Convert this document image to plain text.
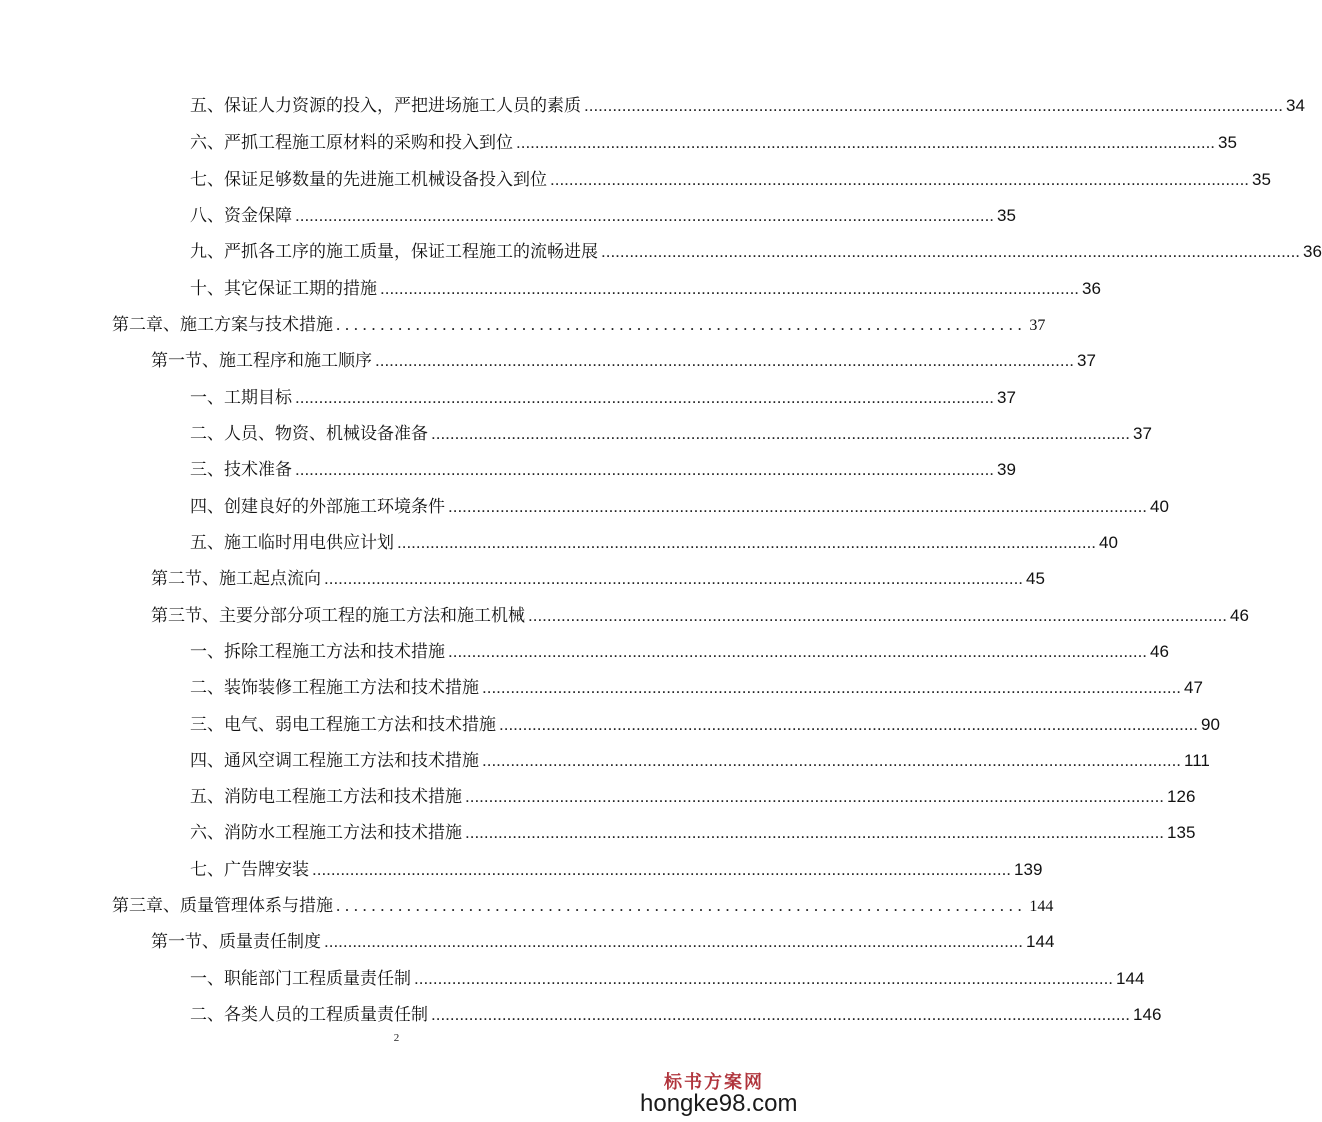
五、保证人力资源的投入，严把进场施工人员的素质 .................................................................................................................................................... 34
六、严抓工程施工原材料的采购和投入到位 .................................................................................................................................................... 35
七、保证足够数量的先进施工机械设备投入到位 .................................................................................................................................................... 35
八、资金保障 .................................................................................................................................................... 35
九、严抓各工序的施工质量，保证工程施工的流畅进展 .................................................................................................................................................... 36
十、其它保证工期的措施 .................................................................................................................................................... 36
第二章、施工方案与技术措施 .............................................................................. 37
第一节、施工程序和施工顺序 .................................................................................................................................................... 37
一、工期目标 .................................................................................................................................................... 37
二、人员、物资、机械设备准备 .................................................................................................................................................... 37
三、技术准备 .................................................................................................................................................... 39
四、创建良好的外部施工环境条件 .................................................................................................................................................... 40
五、施工临时用电供应计划 .................................................................................................................................................... 40
第二节、施工起点流向 .................................................................................................................................................... 45
第三节、主要分部分项工程的施工方法和施工机械 .................................................................................................................................................... 46
一、拆除工程施工方法和技术措施 .................................................................................................................................................... 46
二、装饰装修工程施工方法和技术措施 .................................................................................................................................................... 47
三、电气、弱电工程施工方法和技术措施 .................................................................................................................................................... 90
四、通风空调工程施工方法和技术措施 .................................................................................................................................................... 111
五、消防电工程施工方法和技术措施 .................................................................................................................................................... 126
六、消防水工程施工方法和技术措施 .................................................................................................................................................... 135
七、广告牌安装 .................................................................................................................................................... 139
第三章、质量管理体系与措施 .............................................................................. 144
第一节、质量责任制度 .................................................................................................................................................... 144
一、职能部门工程质量责任制 .................................................................................................................................................... 144
二、各类人员的工程质量责任制 .................................................................................................................................................... 146
2
标书方案网
hongke98.com
